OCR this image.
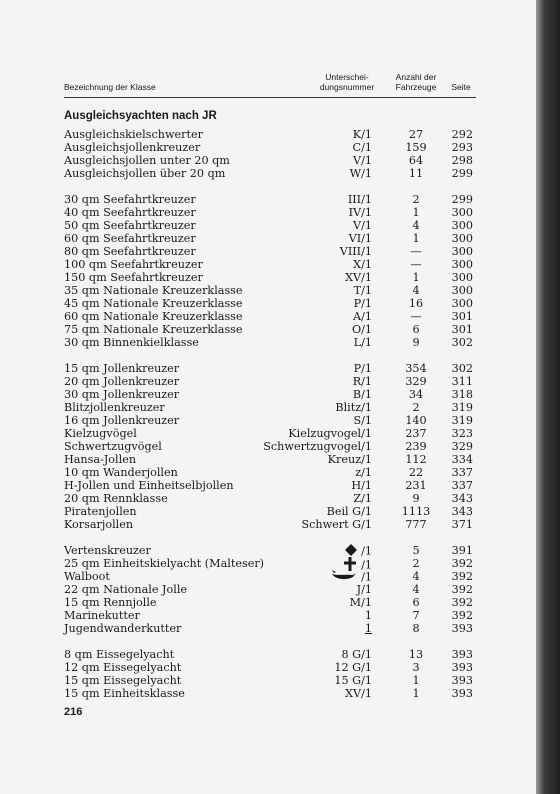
Bezeichnung der Klasse
Unterschei-
dungsnummer
Anzahl der
Fahrzeuge	Seite
Ausgleichsyachten nach JR
Ausgleichskielschwerter	K/1	27	292
Ausgleichsjollenkreuzer	C/1	159	293
Ausgleichsjollen unter 20 qm	V/1	64	298
Ausgleichsjollen über 20 qm	W/1	11	299
30 qm Seefahrtkreuzer	III/1	2	299
40 qm Seefahrtkreuzer	IV/1	1	300
50 qm Seefahrtkreuzer	V/1	4	300
60 qm Seefahrtkreuzer	VI/1	1	300
80 qm Seefahrtkreuzer	VIII/1	—	300
100 qm Seefahrtkreuzer	X/1	—	300
150 qm Seefahrtkreuzer	XV/1	1	300
35 qm Nationale Kreuzerklasse	T/1	4	300
45 qm Nationale Kreuzerklasse	P/1	16	300
60 qm Nationale Kreuzerklasse	A/1	—	301
75 qm Nationale Kreuzerklasse	O/1	6	301
30 qm Binnenkielklasse	L/1	9	302
15 qm Jollenkreuzer	P/1	354	302
20 qm Jollenkreuzer	R/1	329	311
30 qm Jollenkreuzer	B/1	34	318
Blitzjollenkreuzer	Blitz/1	2	319
16 qm Jollenkreuzer	S/1	140	319
Kielzugvögel	Kielzugvogel/1	237	323
Schwertzugvögel	Schwertzugvogel/1	239	329
Hansa-Jollen	Kreuz/1	112	334
10 qm Wanderjollen	z/1	22	337
H-Jollen und Einheitselbjollen	H/1	231	337
20 qm Rennklasse	Z/1	9	343
Piratenjollen	Beil G/1	1113	343
Korsarjollen	Schwert G/1	777	371
Vertenskreuzer	/1	5	391
25 qm Einheitskielyacht (Malteser)	/1	2	392
Walboot	/1	4	392
22 qm Nationale Jolle	J/1	4	392
15 qm Rennjolle	M/1	6	392
Marinekutter	1	7	392
Jugendwanderkutter	1	8	393
8 qm Eissegelyacht	8 G/1	13	393
12 qm Eissegelyacht	12 G/1	3	393
15 qm Eissegelyacht	15 G/1	1	393
15 qm Einheitsklasse	XV/1	1	393
216
